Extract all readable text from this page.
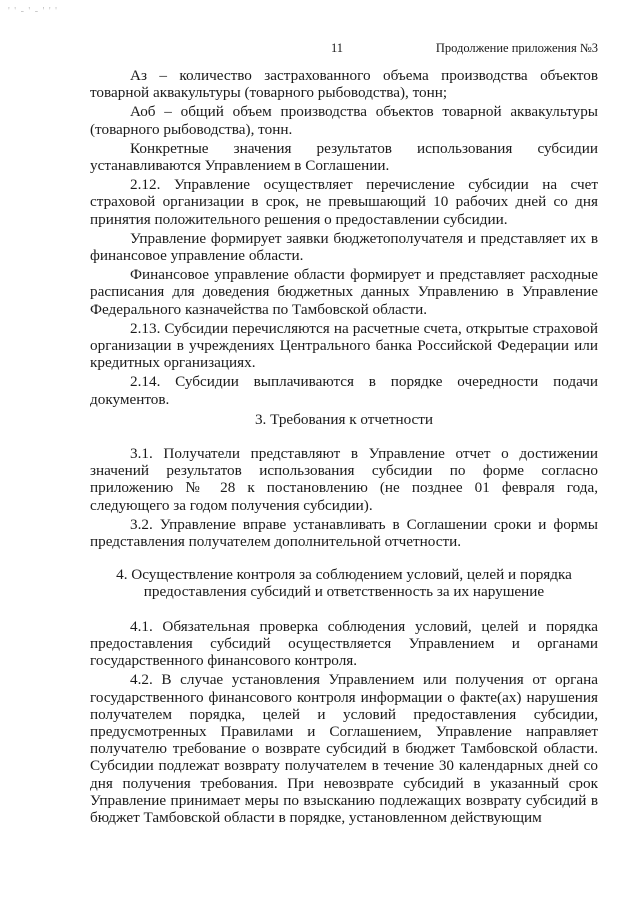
' ' - ' - ' ' '
11	Продолжение приложения №3

Аз – количество застрахованного объема производства объектов товарной аквакультуры (товарного рыбоводства), тонн;

Аоб – общий объем производства объектов товарной аквакультуры (товарного рыбоводства), тонн.

Конкретные значения результатов использования субсидии устанавливаются Управлением в Соглашении.

2.12. Управление осуществляет перечисление субсидии на счет страховой организации в срок, не превышающий 10 рабочих дней со дня принятия положительного решения о предоставлении субсидии.

Управление формирует заявки бюджетополучателя и представляет их в финансовое управление области.

Финансовое управление области формирует и представляет расходные расписания для доведения бюджетных данных Управлению в Управление Федерального казначейства по Тамбовской области.

2.13. Субсидии перечисляются на расчетные счета, открытые страховой организации в учреждениях Центрального банка Российской Федерации или кредитных организациях.

2.14. Субсидии выплачиваются в порядке очередности подачи документов.

3. Требования к отчетности

3.1. Получатели представляют в Управление отчет о достижении значений результатов использования субсидии по форме согласно приложению № 28 к постановлению (не позднее 01 февраля года, следующего за годом получения субсидии).

3.2. Управление вправе устанавливать в Соглашении сроки и формы представления получателем дополнительной отчетности.

4. Осуществление контроля за соблюдением условий, целей и порядка
предоставления субсидий и ответственность за их нарушение

4.1. Обязательная проверка соблюдения условий, целей и порядка предоставления субсидий осуществляется Управлением и органами государственного финансового контроля.

4.2. В случае установления Управлением или получения от органа государственного финансового контроля информации о факте(ах) нарушения получателем порядка, целей и условий предоставления субсидии, предусмотренных Правилами и Соглашением, Управление направляет получателю требование о возврате субсидий в бюджет Тамбовской области. Субсидии подлежат возврату получателем в течение 30 календарных дней со дня получения требования. При невозврате субсидий в указанный срок Управление принимает меры по взысканию подлежащих возврату субсидий в бюджет Тамбовской области в порядке, установленном действующим
